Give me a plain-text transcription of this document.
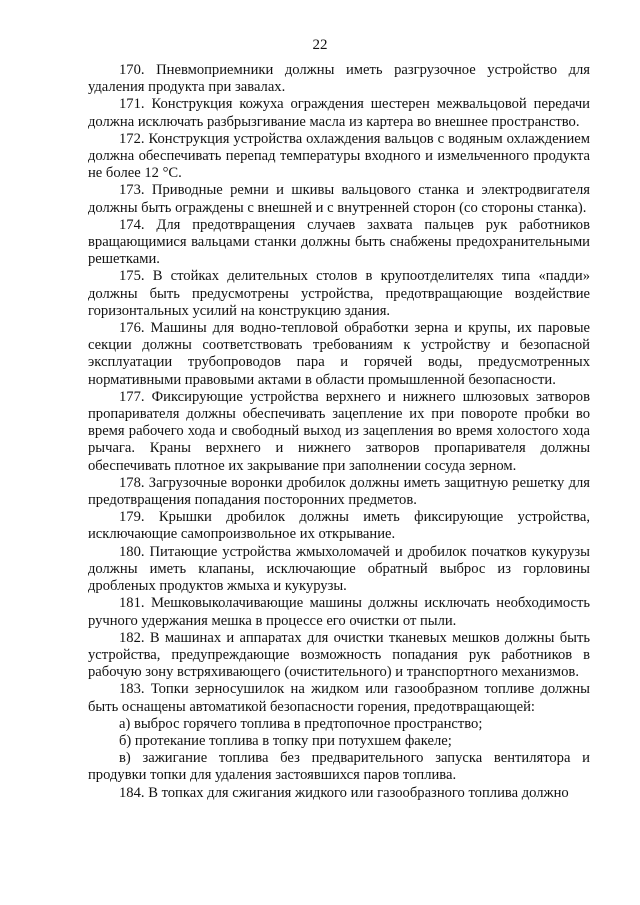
22

170. Пневмоприемники должны иметь разгрузочное устройство для удаления продукта при завалах.

171. Конструкция кожуха ограждения шестерен межвальцовой передачи должна исключать разбрызгивание масла из картера во внешнее пространство.

172. Конструкция устройства охлаждения вальцов с водяным охлаждением должна обеспечивать перепад температуры входного и измельченного продукта не более 12 °С.

173. Приводные ремни и шкивы вальцового станка и электродвигателя должны быть ограждены с внешней и с внутренней сторон (со стороны станка).

174. Для предотвращения случаев захвата пальцев рук работников вращающимися вальцами станки должны быть снабжены предохранительными решетками.

175. В стойках делительных столов в крупоотделителях типа «падди» должны быть предусмотрены устройства, предотвращающие воздействие горизонтальных усилий на конструкцию здания.

176. Машины для водно-тепловой обработки зерна и крупы, их паровые секции должны соответствовать требованиям к устройству и безопасной эксплуатации трубопроводов пара и горячей воды, предусмотренных нормативными правовыми актами в области промышленной безопасности.

177. Фиксирующие устройства верхнего и нижнего шлюзовых затворов пропаривателя должны обеспечивать зацепление их при повороте пробки во время рабочего хода и свободный выход из зацепления во время холостого хода рычага. Краны верхнего и нижнего затворов пропаривателя должны обеспечивать плотное их закрывание при заполнении сосуда зерном.

178. Загрузочные воронки дробилок должны иметь защитную решетку для предотвращения попадания посторонних предметов.

179. Крышки дробилок должны иметь фиксирующие устройства, исключающие самопроизвольное их открывание.

180. Питающие устройства жмыхоломачей и дробилок початков кукурузы должны иметь клапаны, исключающие обратный выброс из горловины дробленых продуктов жмыха и кукурузы.

181. Мешковыколачивающие машины должны исключать необходимость ручного удержания мешка в процессе его очистки от пыли.

182. В машинах и аппаратах для очистки тканевых мешков должны быть устройства, предупреждающие возможность попадания рук работников в рабочую зону встряхивающего (очистительного) и транспортного механизмов.

183. Топки зерносушилок на жидком или газообразном топливе должны быть оснащены автоматикой безопасности горения, предотвращающей:

а) выброс горячего топлива в предтопочное пространство;

б) протекание топлива в топку при потухшем факеле;

в) зажигание топлива без предварительного запуска вентилятора и продувки топки для удаления застоявшихся паров топлива.

184. В топках для сжигания жидкого или газообразного топлива должно
